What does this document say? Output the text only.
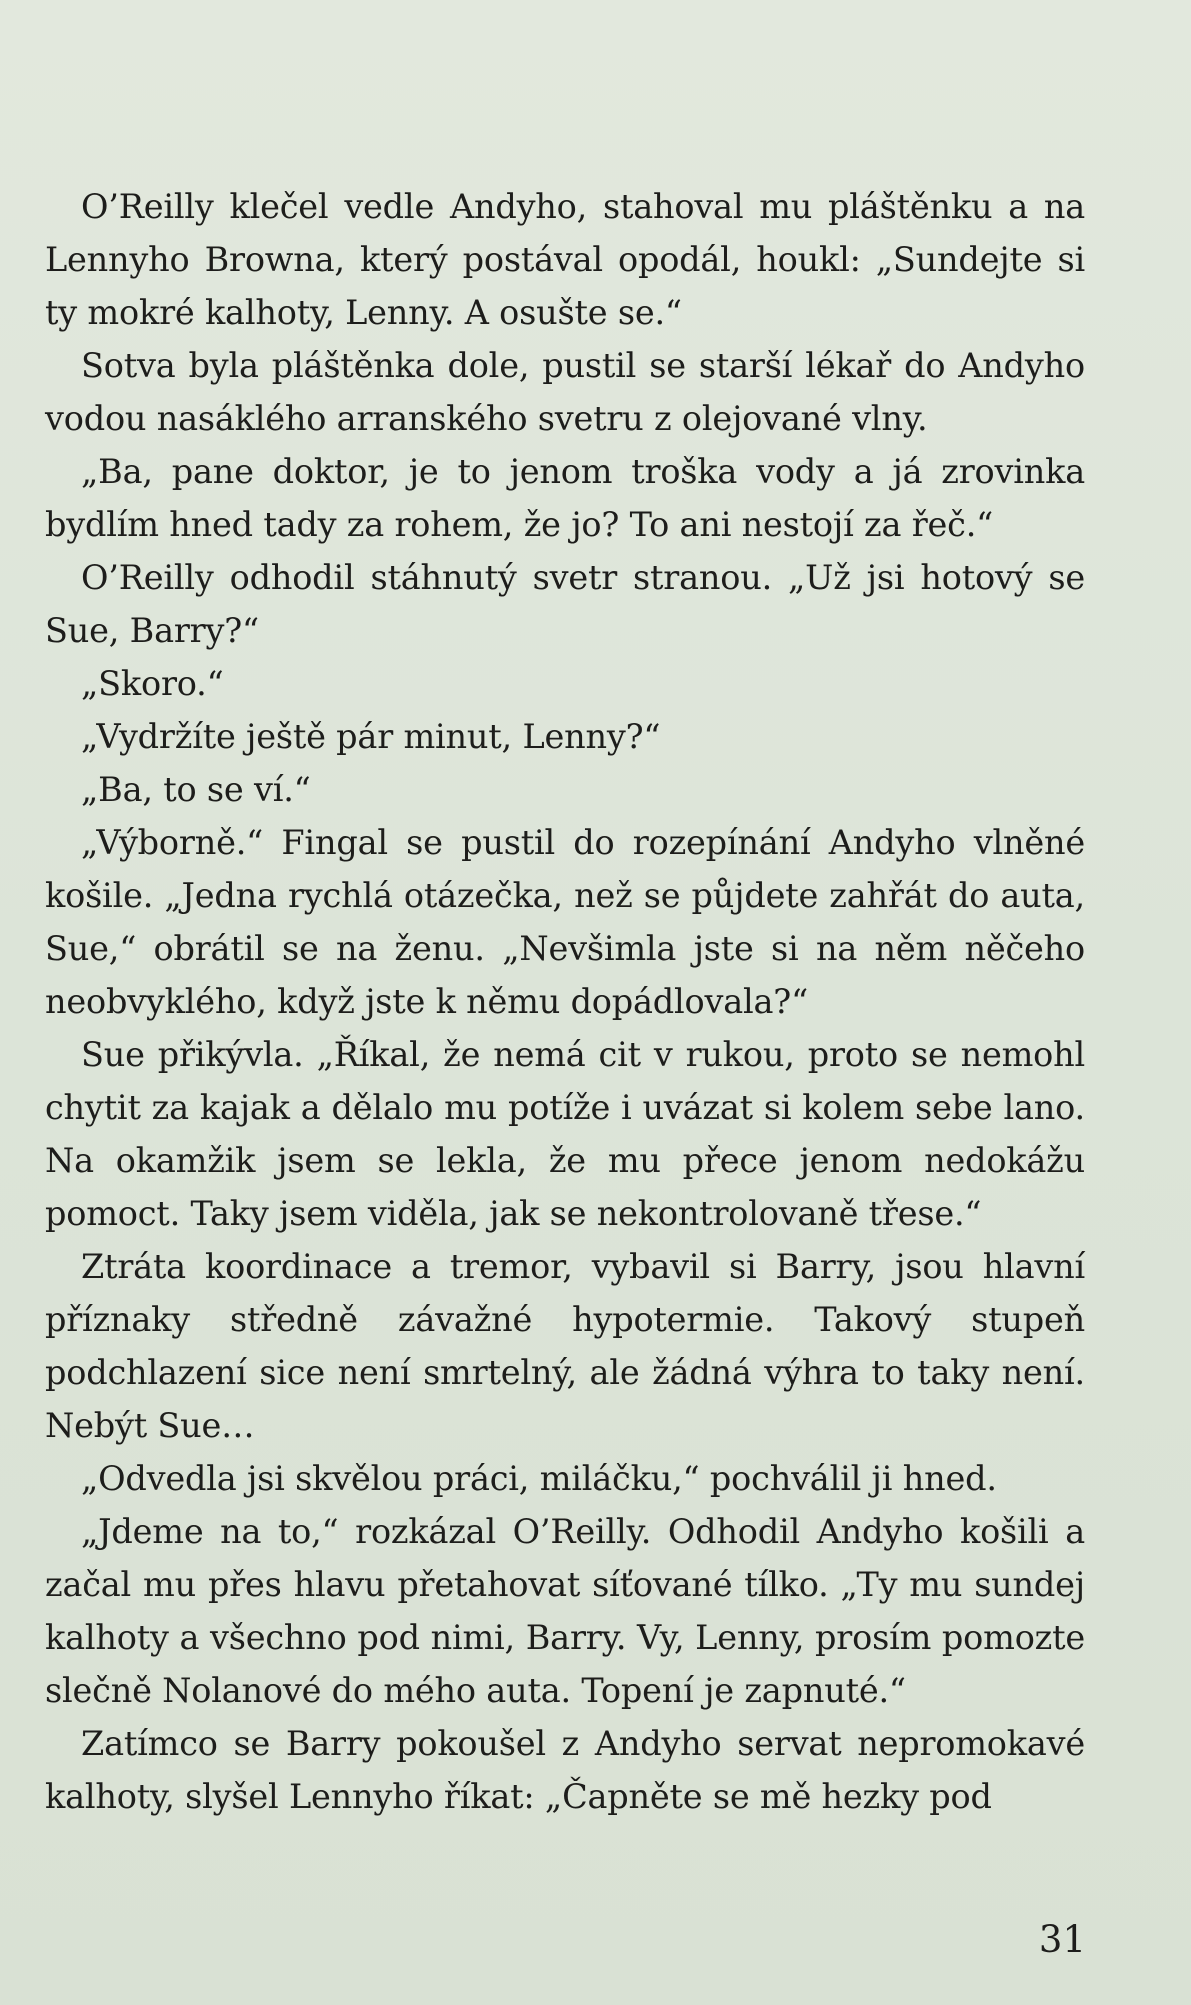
O’Reilly klečel vedle Andyho, stahoval mu pláštěnku a na Lennyho Browna, který postával opodál, houkl: „Sundejte si ty mokré kalhoty, Lenny. A osušte se.“

Sotva byla pláštěnka dole, pustil se starší lékař do Andyho vodou nasáklého arranského svetru z olejované vlny.

„Ba, pane doktor, je to jenom troška vody a já zrovinka bydlím hned tady za rohem, že jo? To ani nestojí za řeč.“

O’Reilly odhodil stáhnutý svetr stranou. „Už jsi hotový se Sue, Barry?“

„Skoro.“

„Vydržíte ještě pár minut, Lenny?“

„Ba, to se ví.“

„Výborně.“ Fingal se pustil do rozepínání Andyho vlněné košile. „Jedna rychlá otázečka, než se půjdete zahřát do auta, Sue,“ obrátil se na ženu. „Nevšimla jste si na něm něčeho neobvyklého, když jste k němu dopádlovala?“

Sue přikývla. „Říkal, že nemá cit v rukou, proto se nemohl chytit za kajak a dělalo mu potíže i uvázat si kolem sebe lano. Na okamžik jsem se lekla, že mu přece jenom nedokážu pomoct. Taky jsem viděla, jak se nekontrolovaně třese.“

Ztráta koordinace a tremor, vybavil si Barry, jsou hlavní příznaky středně závažné hypotermie. Takový stupeň podchlazení sice není smrtelný, ale žádná výhra to taky není. Nebýt Sue…

„Odvedla jsi skvělou práci, miláčku,“ pochválil ji hned.

„Jdeme na to,“ rozkázal O’Reilly. Odhodil Andyho košili a začal mu přes hlavu přetahovat síťované tílko. „Ty mu sundej kalhoty a všechno pod nimi, Barry. Vy, Lenny, prosím pomozte slečně Nolanové do mého auta. Topení je zapnuté.“

Zatímco se Barry pokoušel z Andyho servat nepromokavé kalhoty, slyšel Lennyho říkat: „Čapněte se mě hezky pod

31
